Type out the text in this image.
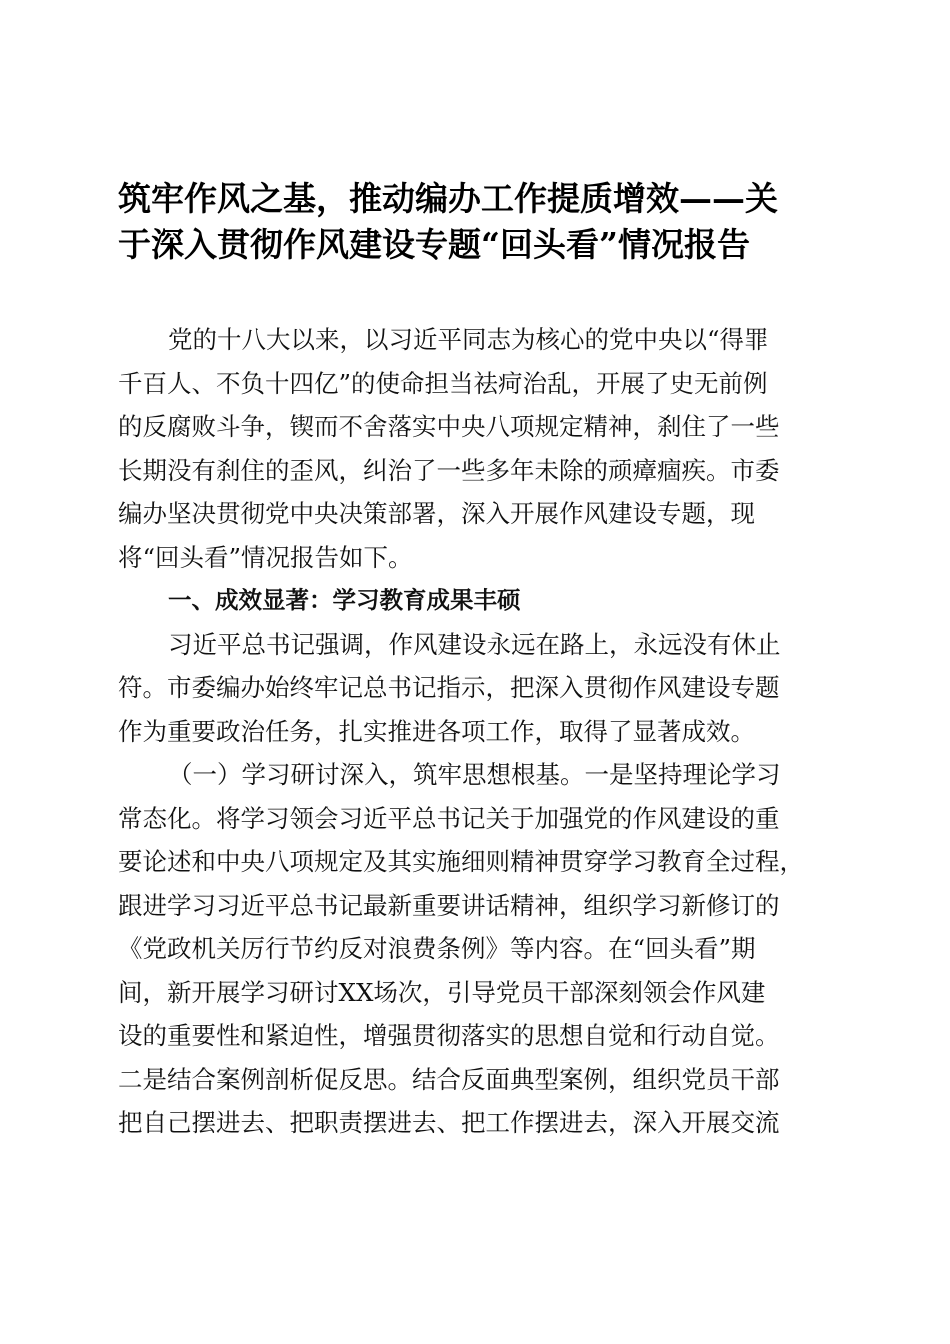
筑牢作风之基，推动编办工作提质增效——关
于深入贯彻作风建设专题“回头看”情况报告
党的十八大以来，以习近平同志为核心的党中央以“得罪
千百人、不负十四亿”的使命担当祛疴治乱，开展了史无前例
的反腐败斗争，锲而不舍落实中央八项规定精神，刹住了一些
长期没有刹住的歪风，纠治了一些多年未除的顽瘴痼疾。市委
编办坚决贯彻党中央决策部署，深入开展作风建设专题，现
将“回头看”情况报告如下。
一、成效显著：学习教育成果丰硕
习近平总书记强调，作风建设永远在路上，永远没有休止
符。市委编办始终牢记总书记指示，把深入贯彻作风建设专题
作为重要政治任务，扎实推进各项工作，取得了显著成效。
（一）学习研讨深入，筑牢思想根基。一是坚持理论学习
常态化。将学习领会习近平总书记关于加强党的作风建设的重
要论述和中央八项规定及其实施细则精神贯穿学习教育全过程，
跟进学习习近平总书记最新重要讲话精神，组织学习新修订的
《党政机关厉行节约反对浪费条例》等内容。在“回头看”期
间，新开展学习研讨XX场次，引导党员干部深刻领会作风建
设的重要性和紧迫性，增强贯彻落实的思想自觉和行动自觉。
二是结合案例剖析促反思。结合反面典型案例，组织党员干部
把自己摆进去、把职责摆进去、把工作摆进去，深入开展交流
